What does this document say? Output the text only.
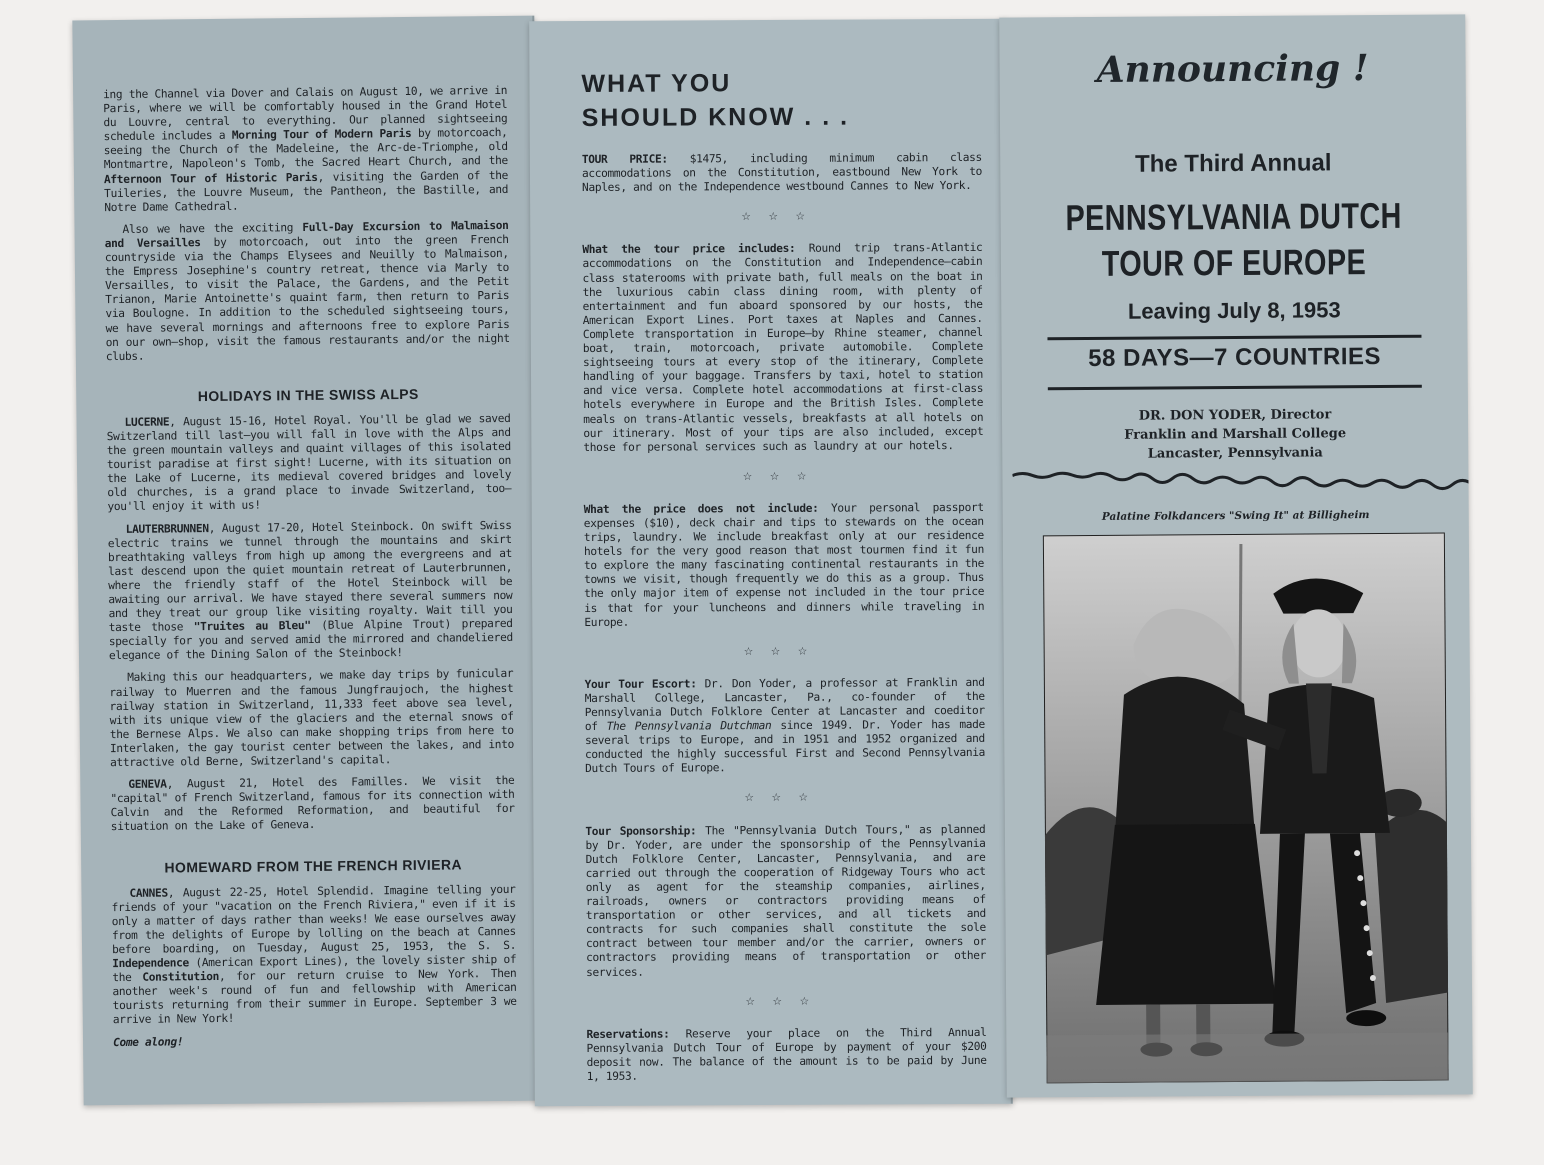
ing the Channel via Dover and Calais on August 10, we arrive in Paris, where we will be comfortably housed in the Grand Hotel du Louvre, central to everything. Our planned sightseeing schedule includes a Morning Tour of Modern Paris by motorcoach, seeing the Church of the Madeleine, the Arc-de-Triomphe, old Montmartre, Napoleon's Tomb, the Sacred Heart Church, and the Afternoon Tour of Historic Paris, visiting the Garden of the Tuileries, the Louvre Museum, the Pantheon, the Bastille, and Notre Dame Cathedral.

Also we have the exciting Full-Day Excursion to Malmaison and Versailles by motorcoach, out into the green French countryside via the Champs Elysees and Neuilly to Malmaison, the Empress Josephine's country retreat, thence via Marly to Versailles, to visit the Palace, the Gardens, and the Petit Trianon, Marie Antoinette's quaint farm, then return to Paris via Boulogne. In addition to the scheduled sightseeing tours, we have several mornings and afternoons free to explore Paris on our own—shop, visit the famous restaurants and/or the night clubs.

HOLIDAYS IN THE SWISS ALPS

LUCERNE, August 15-16, Hotel Royal. You'll be glad we saved Switzerland till last—you will fall in love with the Alps and the green mountain valleys and quaint villages of this isolated tourist paradise at first sight! Lucerne, with its situation on the Lake of Lucerne, its medieval covered bridges and lovely old churches, is a grand place to invade Switzerland, too—you'll enjoy it with us!

LAUTERBRUNNEN, August 17-20, Hotel Steinbock. On swift Swiss electric trains we tunnel through the mountains and skirt breathtaking valleys from high up among the evergreens and at last descend upon the quiet mountain retreat of Lauterbrunnen, where the friendly staff of the Hotel Steinbock will be awaiting our arrival. We have stayed there several summers now and they treat our group like visiting royalty. Wait till you taste those "Truites au Bleu" (Blue Alpine Trout) prepared specially for you and served amid the mirrored and chandeliered elegance of the Dining Salon of the Steinbock!

Making this our headquarters, we make day trips by funicular railway to Muerren and the famous Jungfraujoch, the highest railway station in Switzerland, 11,333 feet above sea level, with its unique view of the glaciers and the eternal snows of the Bernese Alps. We also can make shopping trips from here to Interlaken, the gay tourist center between the lakes, and into attractive old Berne, Switzerland's capital.

GENEVA, August 21, Hotel des Familles. We visit the "capital" of French Switzerland, famous for its connection with Calvin and the Reformed Reformation, and beautiful for situation on the Lake of Geneva.

HOMEWARD FROM THE FRENCH RIVIERA

CANNES, August 22-25, Hotel Splendid. Imagine telling your friends of your "vacation on the French Riviera," even if it is only a matter of days rather than weeks! We ease ourselves away from the delights of Europe by lolling on the beach at Cannes before boarding, on Tuesday, August 25, 1953, the S. S. Independence (American Export Lines), the lovely sister ship of the Constitution, for our return cruise to New York. Then another week's round of fun and fellowship with American tourists returning from their summer in Europe. September 3 we arrive in New York!

Come along!

WHAT YOU
SHOULD KNOW . . .

TOUR PRICE: $1475, including minimum cabin class accommodations on the Constitution, eastbound New York to Naples, and on the Independence westbound Cannes to New York.

☆☆☆

What the tour price includes: Round trip trans-Atlantic accommodations on the Constitution and Independence—cabin class staterooms with private bath, full meals on the boat in the luxurious cabin class dining room, with plenty of entertainment and fun aboard sponsored by our hosts, the American Export Lines. Port taxes at Naples and Cannes. Complete transportation in Europe—by Rhine steamer, channel boat, train, motorcoach, private automobile. Complete sightseeing tours at every stop of the itinerary, Complete handling of your baggage. Transfers by taxi, hotel to station and vice versa. Complete hotel accommodations at first-class hotels everywhere in Europe and the British Isles. Complete meals on trans-Atlantic vessels, breakfasts at all hotels on our itinerary. Most of your tips are also included, except those for personal services such as laundry at our hotels.

☆☆☆

What the price does not include: Your personal passport expenses ($10), deck chair and tips to stewards on the ocean trips, laundry. We include breakfast only at our residence hotels for the very good reason that most tourmen find it fun to explore the many fascinating continental restaurants in the towns we visit, though frequently we do this as a group. Thus the only major item of expense not included in the tour price is that for your luncheons and dinners while traveling in Europe.

☆☆☆

Your Tour Escort: Dr. Don Yoder, a professor at Franklin and Marshall College, Lancaster, Pa., co-founder of the Pennsylvania Dutch Folklore Center at Lancaster and coeditor of The Pennsylvania Dutchman since 1949. Dr. Yoder has made several trips to Europe, and in 1951 and 1952 organized and conducted the highly successful First and Second Pennsylvania Dutch Tours of Europe.

☆☆☆

Tour Sponsorship: The "Pennsylvania Dutch Tours," as planned by Dr. Yoder, are under the sponsorship of the Pennsylvania Dutch Folklore Center, Lancaster, Pennsylvania, and are carried out through the cooperation of Ridgeway Tours who act only as agent for the steamship companies, airlines, railroads, owners or contractors providing means of transportation or other services, and all tickets and contracts for such companies shall constitute the sole contract between tour member and/or the carrier, owners or contractors providing means of transportation or other services.

☆☆☆

Reservations: Reserve your place on the Third Annual Pennsylvania Dutch Tour of Europe by payment of your $200 deposit now. The balance of the amount is to be paid by June 1, 1953.

Announcing !
The Third Annual
PENNSYLVANIA DUTCH
TOUR OF EUROPE
Leaving July 8, 1953
58 DAYS—7 COUNTRIES
DR. DON YODER, Director
Franklin and Marshall College
Lancaster, Pennsylvania
Palatine Folkdancers "Swing It" at Billigheim
